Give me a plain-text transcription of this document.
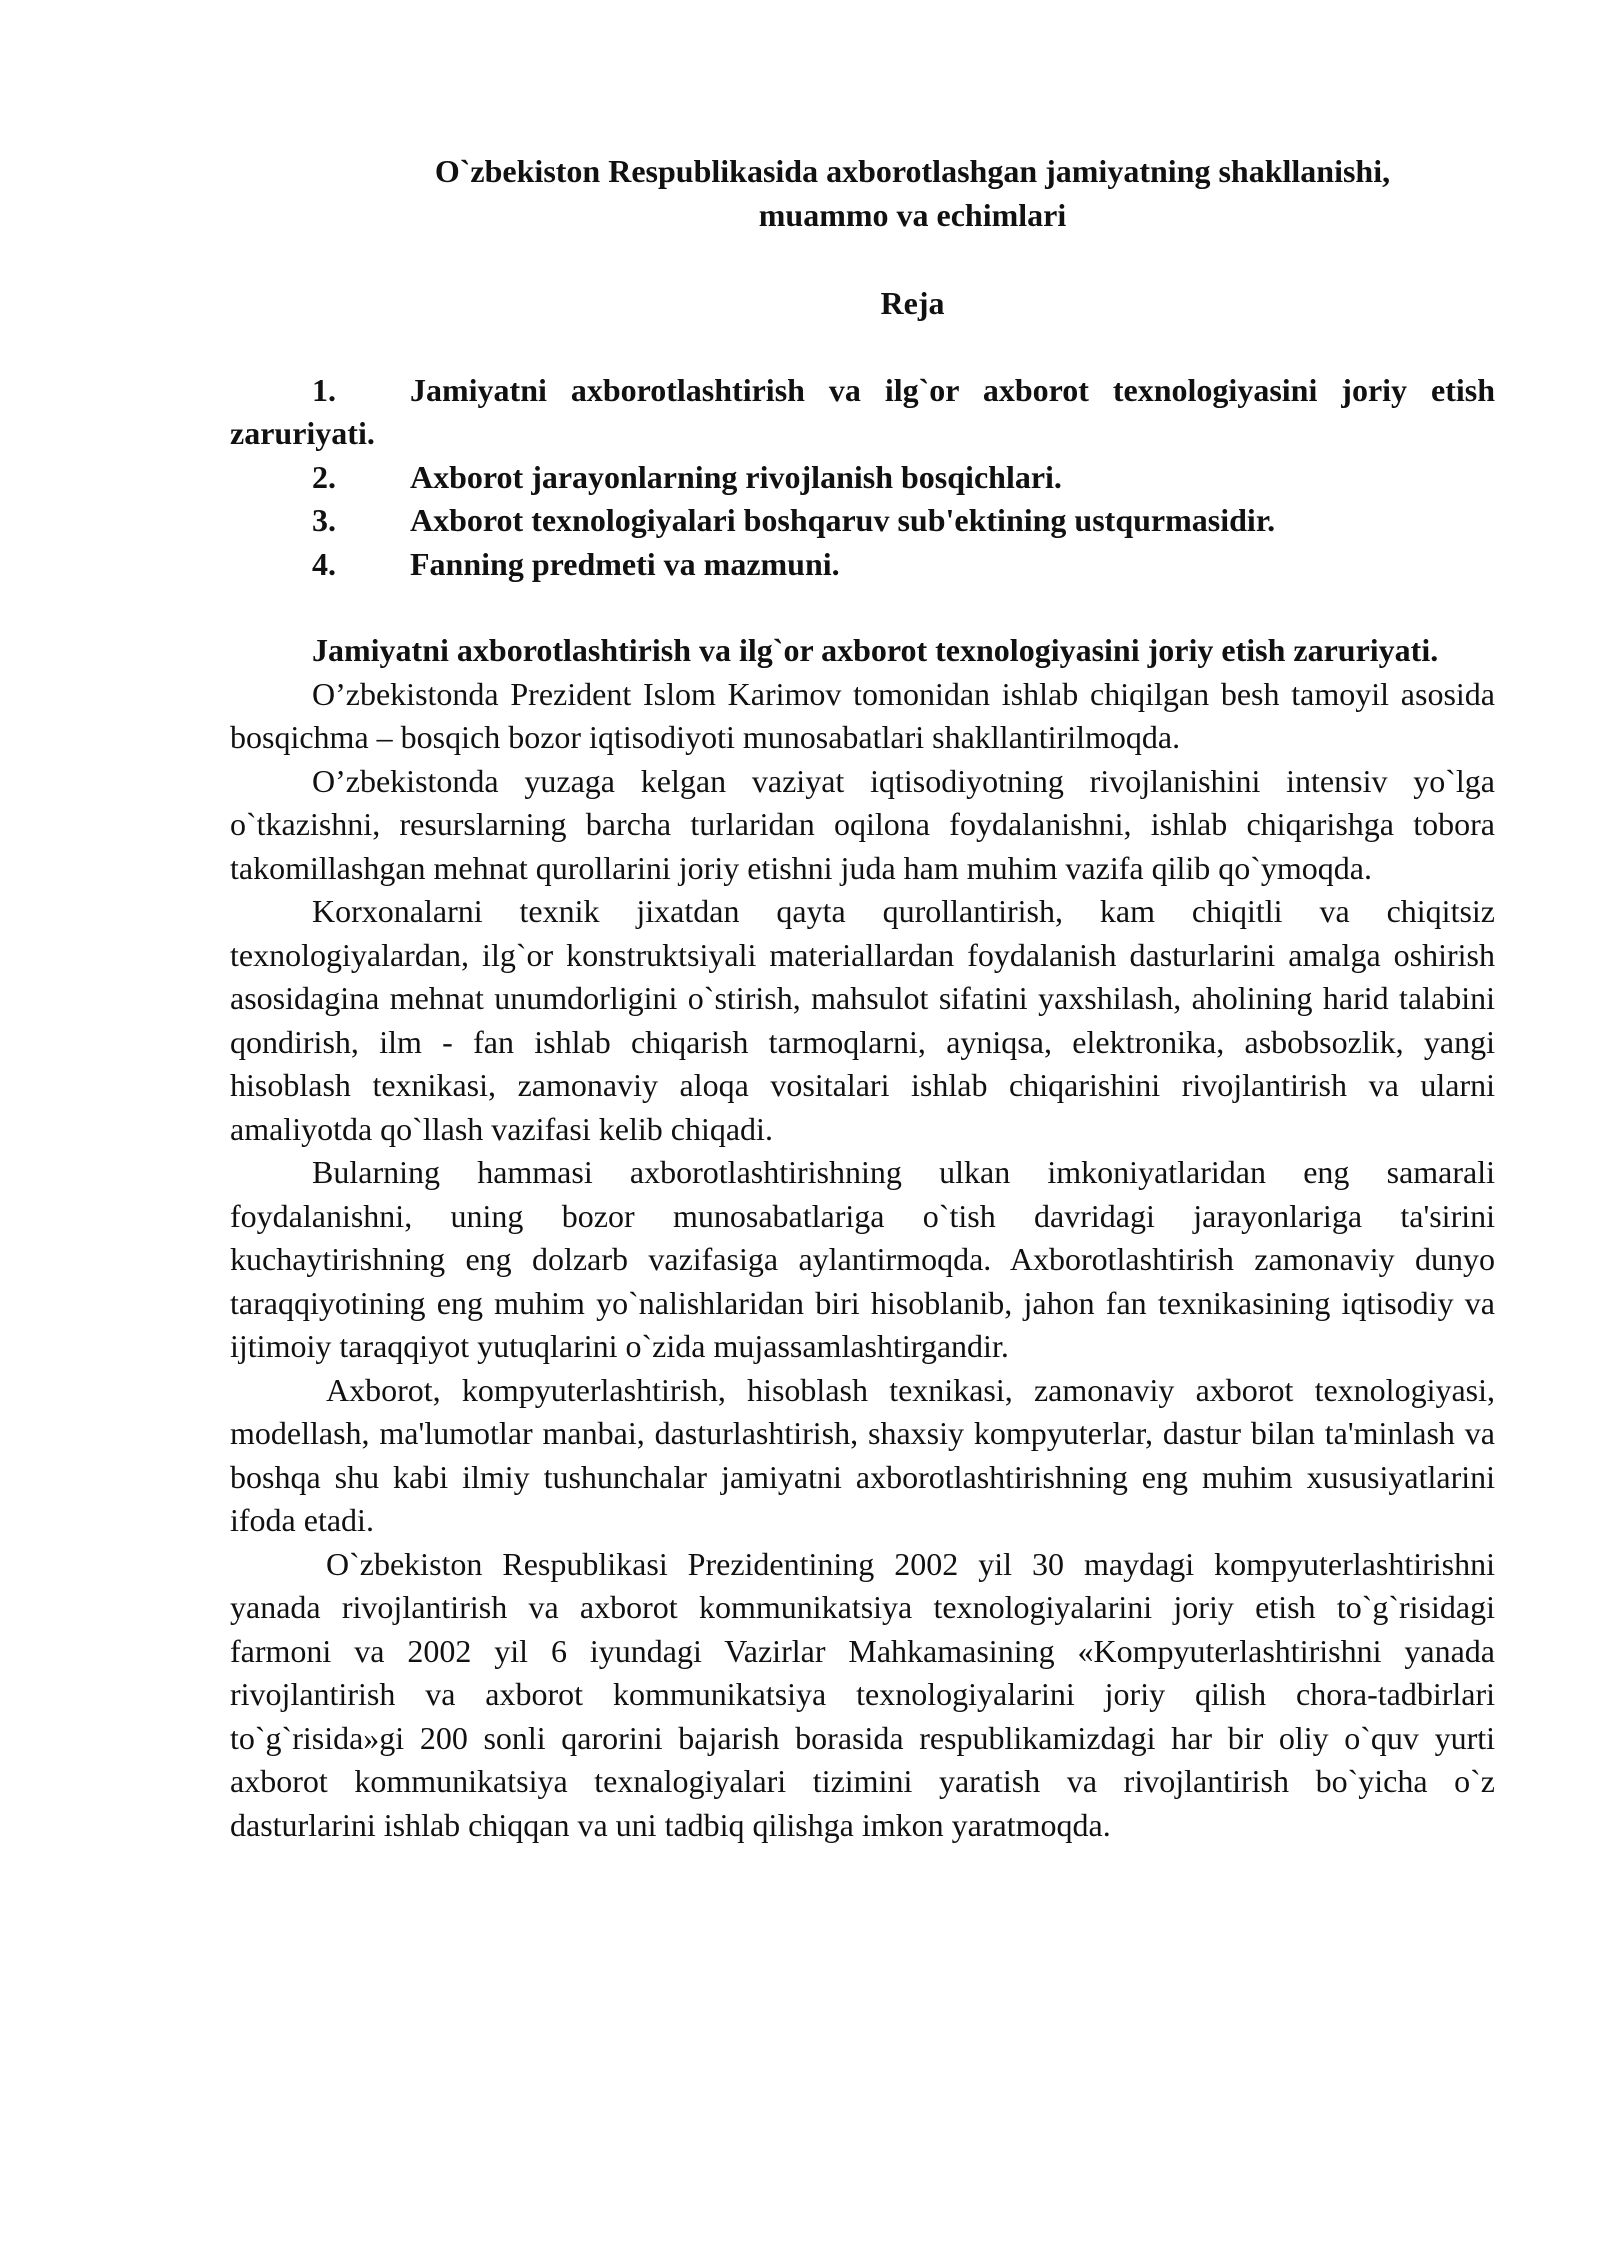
O`zbekiston Respublikasida axborotlashgan jamiyatning shakllanishi,
muammo va echimlari
Reja
1. Jamiyatni axborotlashtirish va ilg`or axborot texnologiyasini joriy etish zaruriyati.
2. Axborot jarayonlarning rivojlanish bosqichlari.
3. Axborot texnologiyalari boshqaruv sub'ektining ustqurmasidir.
4. Fanning predmeti va mazmuni.

Jamiyatni axborotlashtirish va ilg`or axborot texnologiyasini joriy etish zaruriyati.

O’zbekistonda Prezident Islom Karimov tomonidan ishlab chiqilgan besh tamoyil asosida bosqichma – bosqich bozor iqtisodiyoti munosabatlari shakllantirilmoqda.

O’zbekistonda yuzaga kelgan vaziyat iqtisodiyotning rivojlanishini intensiv yo`lga o`tkazishni, resurslarning barcha turlaridan oqilona foydalanishni, ishlab chiqarishga tobora takomillashgan mehnat qurollarini joriy etishni juda ham muhim vazifa qilib qo`ymoqda.

Korxonalarni texnik jixatdan qayta qurollantirish, kam chiqitli va chiqitsiz texnologiyalardan, ilg`or konstruktsiyali materiallardan foydalanish dasturlarini amalga oshirish asosidagina mehnat unumdorligini o`stirish, mahsulot sifatini yaxshilash, aholining harid talabini qondirish, ilm - fan ishlab chiqarish tarmoqlarni, ayniqsa, elektronika, asbobsozlik, yangi hisoblash texnikasi, zamonaviy aloqa vositalari ishlab chiqarishini rivojlantirish va ularni amaliyotda qo`llash vazifasi kelib chiqadi.

Bularning hammasi axborotlashtirishning ulkan imkoniyatlaridan eng samarali foydalanishni, uning bozor munosabatlariga o`tish davridagi jarayonlariga ta'sirini kuchaytirishning eng dolzarb vazifasiga aylantirmoqda. Axborotlashtirish zamonaviy dunyo taraqqiyotining eng muhim yo`nalishlaridan biri hisoblanib, jahon fan texnikasining iqtisodiy va ijtimoiy taraqqiyot yutuqlarini o`zida mujassamlashtirgandir.

Axborot, kompyuterlashtirish, hisoblash texnikasi, zamonaviy axborot texnologiyasi, modellash, ma'lumotlar manbai, dasturlashtirish, shaxsiy kompyuterlar, dastur bilan ta'minlash va boshqa shu kabi ilmiy tushunchalar jamiyatni axborotlashtirishning eng muhim xususiyatlarini ifoda etadi.

O`zbekiston Respublikasi Prezidentining 2002 yil 30 maydagi kompyuterlashtirishni yanada rivojlantirish va axborot kommunikatsiya texnologiyalarini joriy etish to`g`risidagi farmoni va 2002 yil 6 iyundagi Vazirlar Mahkamasining «Kompyuterlashtirishni yanada rivojlantirish va axborot kommunikatsiya texnologiyalarini joriy qilish chora-tadbirlari to`g`risida»gi 200 sonli qarorini bajarish borasida respublikamizdagi har bir oliy o`quv yurti axborot kommunikatsiya texnalogiyalari tizimini yaratish va rivojlantirish bo`yicha o`z dasturlarini ishlab chiqqan va uni tadbiq qilishga imkon yaratmoqda.
